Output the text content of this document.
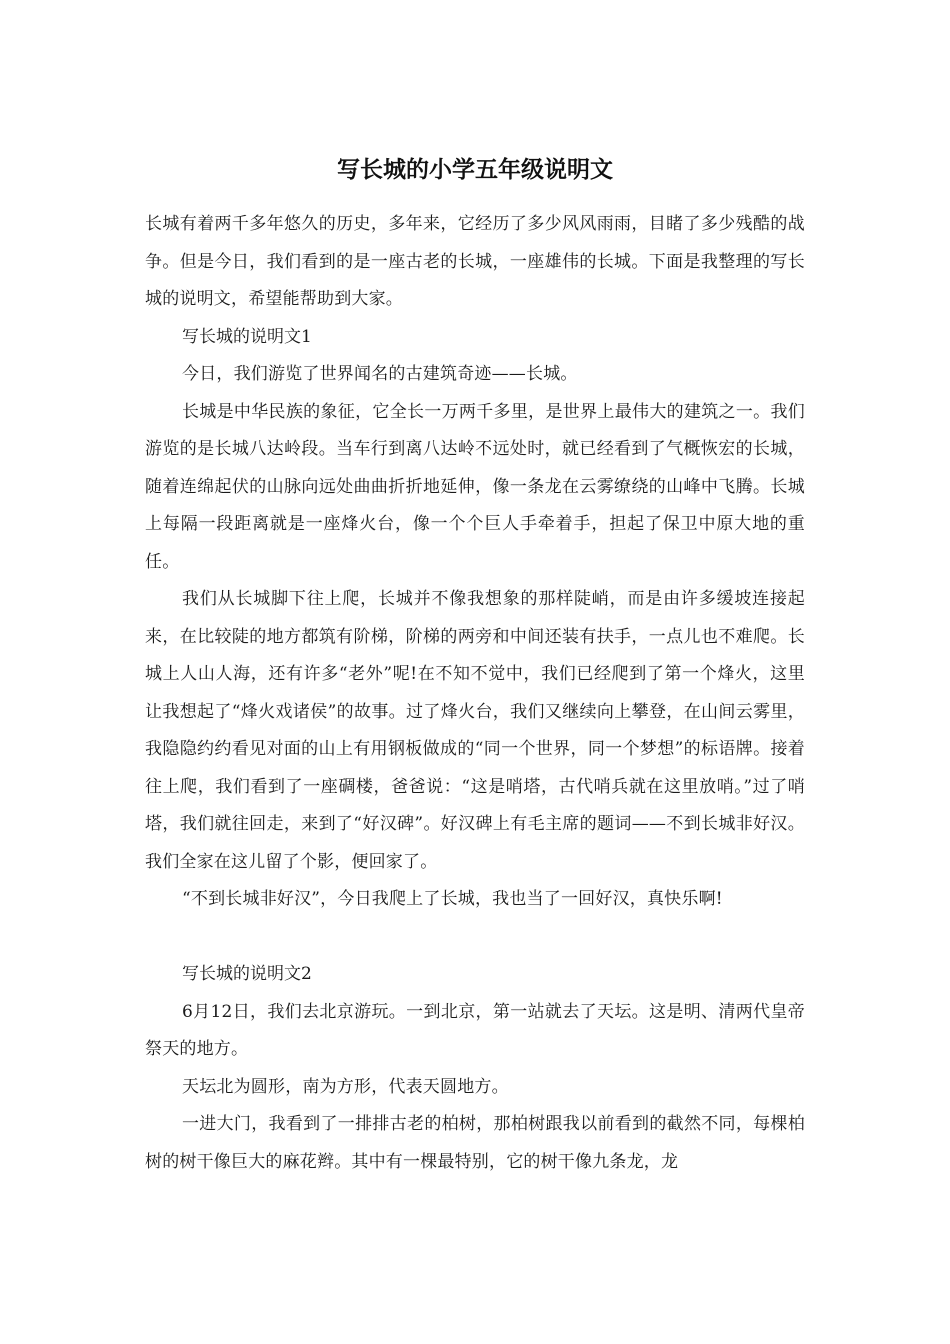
写长城的小学五年级说明文

长城有着两千多年悠久的历史，多年来，它经历了多少风风雨雨，目睹了多少残酷的战争。但是今日，我们看到的是一座古老的长城，一座雄伟的长城。下面是我整理的写长城的说明文，希望能帮助到大家。

写长城的说明文1

今日，我们游览了世界闻名的古建筑奇迹——长城。

长城是中华民族的象征，它全长一万两千多里，是世界上最伟大的建筑之一。我们游览的是长城八达岭段。当车行到离八达岭不远处时，就已经看到了气概恢宏的长城，随着连绵起伏的山脉向远处曲曲折折地延伸，像一条龙在云雾缭绕的山峰中飞腾。长城上每隔一段距离就是一座烽火台，像一个个巨人手牵着手，担起了保卫中原大地的重任。

我们从长城脚下往上爬，长城并不像我想象的那样陡峭，而是由许多缓坡连接起来，在比较陡的地方都筑有阶梯，阶梯的两旁和中间还装有扶手，一点儿也不难爬。长城上人山人海，还有许多“老外”呢!在不知不觉中，我们已经爬到了第一个烽火，这里让我想起了“烽火戏诸侯”的故事。过了烽火台，我们又继续向上攀登，在山间云雾里，我隐隐约约看见对面的山上有用钢板做成的“同一个世界，同一个梦想”的标语牌。接着往上爬，我们看到了一座碉楼，爸爸说：“这是哨塔，古代哨兵就在这里放哨。”过了哨塔，我们就往回走，来到了“好汉碑”。好汉碑上有毛主席的题词——不到长城非好汉。我们全家在这儿留了个影，便回家了。

“不到长城非好汉”，今日我爬上了长城，我也当了一回好汉，真快乐啊!

写长城的说明文2

6月12日，我们去北京游玩。一到北京，第一站就去了天坛。这是明、清两代皇帝祭天的地方。

天坛北为圆形，南为方形，代表天圆地方。

一进大门，我看到了一排排古老的柏树，那柏树跟我以前看到的截然不同，每棵柏树的树干像巨大的麻花辫。其中有一棵最特别，它的树干像九条龙，龙
